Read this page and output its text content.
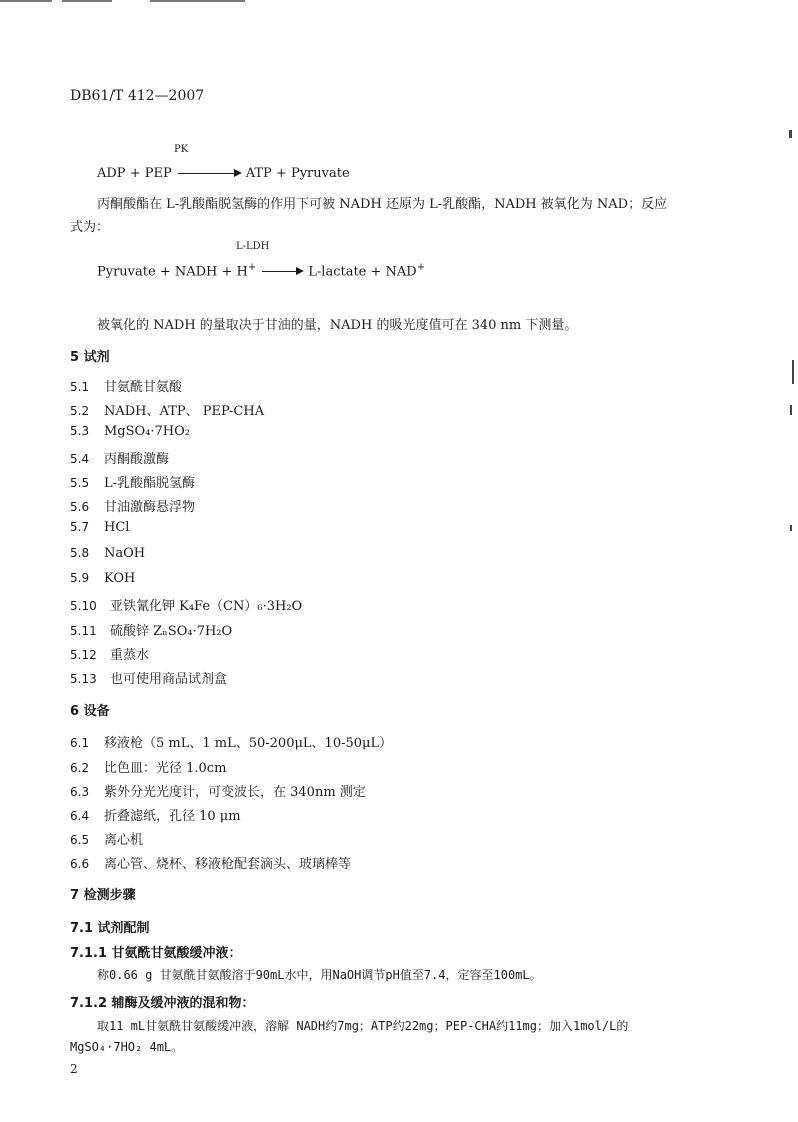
DB61/T 412—2007
PK
ADP + PEP	ATP + Pyruvate
丙酮酸酯在 L-乳酸酯脱氢酶的作用下可被 NADH 还原为 L-乳酸酯，NADH 被氧化为 NAD；反应
式为：
L-LDH
Pyruvate + NADH + H+ → L-lactate + NAD+
被氧化的 NADH 的量取决于甘油的量，NADH 的吸光度值可在 340 nm 下测量。
5 试剂
5.1 甘氨酰甘氨酸
5.2 NADH、ATP、 PEP-CHA
5.3 MgSO₄·7HO₂
5.4 丙酮酸激酶
5.5 L-乳酸酯脱氢酶
5.6 甘油激酶悬浮物
5.7 HCl
5.8 NaOH
5.9 KOH
5.10 亚铁氰化钾 K₄Fe（CN）₆·3H₂O
5.11 硫酸锌 ZₙSO₄·7H₂O
5.12 重蒸水
5.13 也可使用商品试剂盒
6 设备
6.1 移液枪（5 mL、1 mL、50-200μL、10-50μL）
6.2 比色皿：光径 1.0cm
6.3 紫外分光光度计，可变波长，在 340nm 测定
6.4 折叠滤纸，孔径 10 μm
6.5 离心机
6.6 离心管、烧杯、移液枪配套滴头、玻璃棒等
7 检测步骤
7.1 试剂配制
7.1.1 甘氨酰甘氨酸缓冲液：
称0.66 g 甘氨酰甘氨酸溶于90mL水中，用NaOH调节pH值至7.4，定容至100mL。
7.1.2 辅酶及缓冲液的混和物：
取11 mL甘氨酰甘氨酸缓冲液，溶解 NADH约7mg；ATP约22mg；PEP-CHA约11mg；加入1mol/L的
MgSO₄·7HO₂ 4mL。
2
